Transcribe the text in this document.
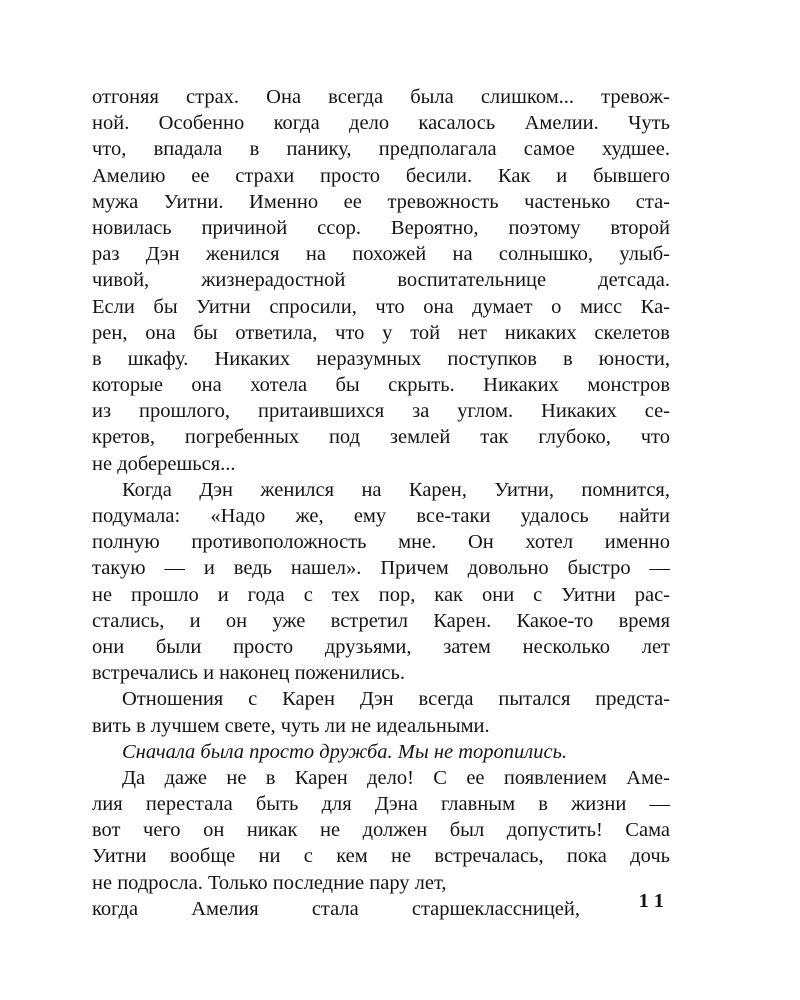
отгоняя страх. Она всегда была слишком... тревож-
ной. Особенно когда дело касалось Амелии. Чуть
что, впадала в панику, предполагала самое худшее.
Амелию ее страхи просто бесили. Как и бывшего
мужа Уитни. Именно ее тревожность частенько ста-
новилась причиной ссор. Вероятно, поэтому второй
раз Дэн женился на похожей на солнышко, улыб-
чивой, жизнерадостной воспитательнице детсада.
Если бы Уитни спросили, что она думает о мисс Ка-
рен, она бы ответила, что у той нет никаких скелетов
в шкафу. Никаких неразумных поступков в юности,
которые она хотела бы скрыть. Никаких монстров
из прошлого, притаившихся за углом. Никаких се-
кретов, погребенных под землей так глубоко, что
не доберешься...
Когда Дэн женился на Карен, Уитни, помнится,
подумала: «Надо же, ему все-таки удалось найти
полную противоположность мне. Он хотел именно
такую — и ведь нашел». Причем довольно быстро —
не прошло и года с тех пор, как они с Уитни рас-
стались, и он уже встретил Карен. Какое-то время
они были просто друзьями, затем несколько лет
встречались и наконец поженились.
Отношения с Карен Дэн всегда пытался предста-
вить в лучшем свете, чуть ли не идеальными.
Сначала была просто дружба. Мы не торопились.
Да даже не в Карен дело! С ее появлением Аме-
лия перестала быть для Дэна главным в жизни —
вот чего он никак не должен был допустить! Сама
Уитни вообще ни с кем не встречалась, пока дочь
не подросла. Только последние пару лет,
когда	Амелия	стала	старшеклассницей,	11
